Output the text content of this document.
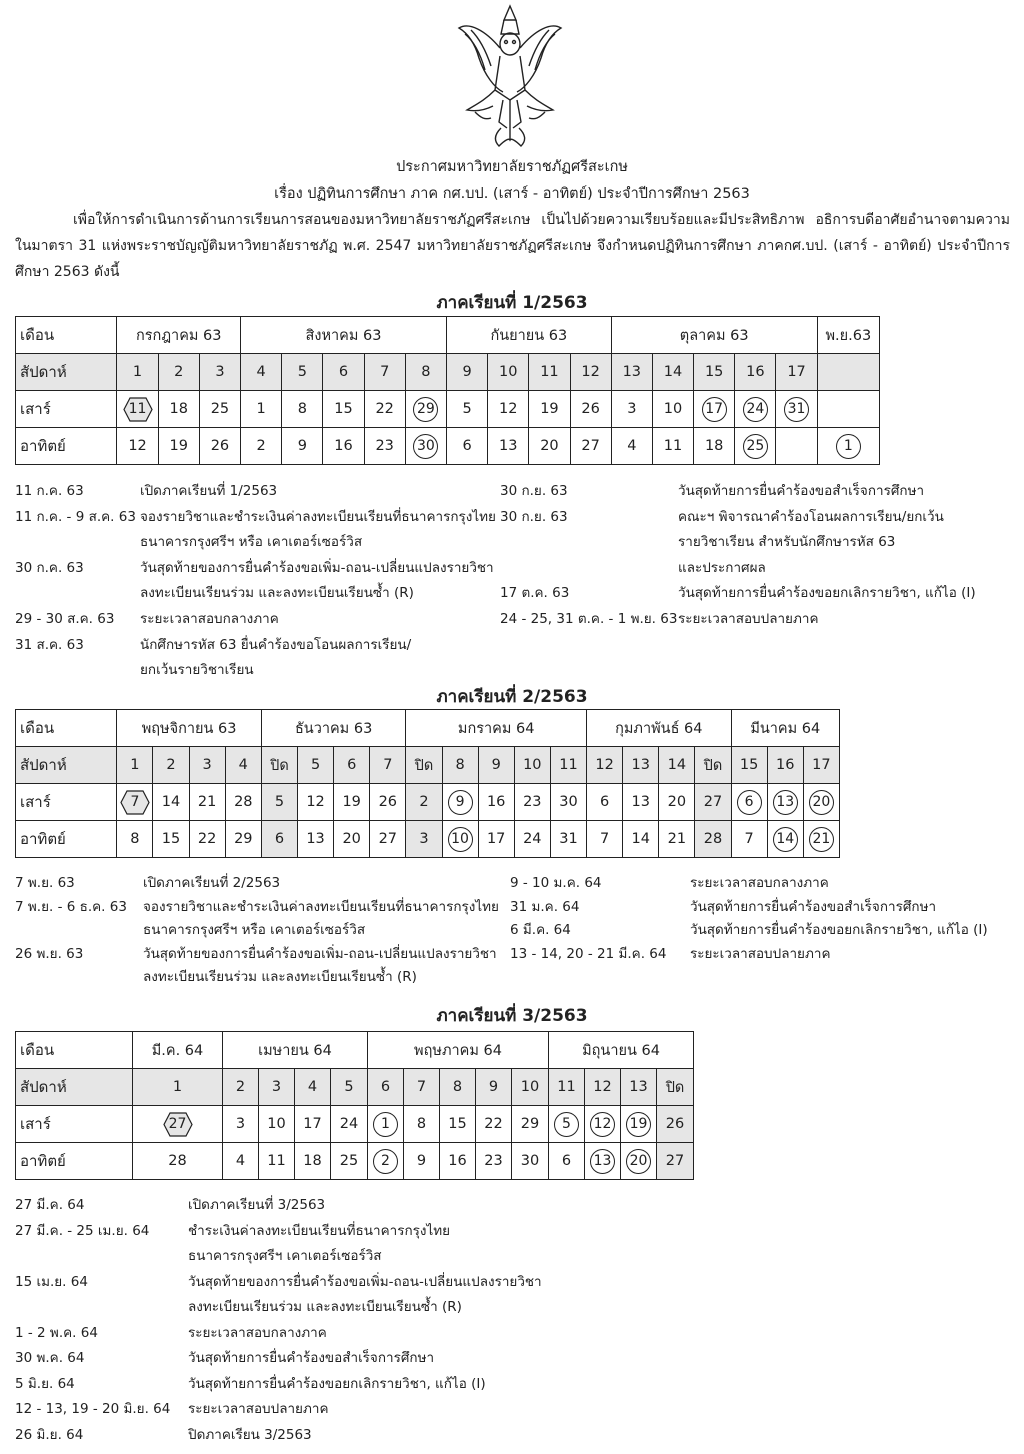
ประกาศมหาวิทยาลัยราชภัฏศรีสะเกษ
เรื่อง ปฏิทินการศึกษา ภาค กศ.บป. (เสาร์ - อาทิตย์) ประจำปีการศึกษา 2563
เพื่อให้การดำเนินการด้านการเรียนการสอนของมหาวิทยาลัยราชภัฏศรีสะเกษ เป็นไปด้วยความเรียบร้อยและมีประสิทธิภาพ อธิการบดีอาศัยอำนาจตามความในมาตรา 31 แห่งพระราชบัญญัติมหาวิทยาลัยราชภัฏ พ.ศ. 2547 มหาวิทยาลัยราชภัฏศรีสะเกษ จึงกำหนดปฏิทินการศึกษา ภาคกศ.บป. (เสาร์ - อาทิตย์) ประจำปีการศึกษา 2563 ดังนี้
ภาคเรียนที่ 1/2563
เดือน	กรกฎาคม 63			สิงหาคม 63					กันยายน 63				ตุลาคม 63					พ.ย.63
สัปดาห์	1	2	3	4	5	6	7	8	9	10	11	12	13	14	15	16	17	
เสาร์	11	18	25	1	8	15	22	29	5	12	19	26	3	10	17	24	31	
อาทิตย์	12	19	26	2	9	16	23	30	6	13	20	27	4	11	18	25		1
11 ก.ค. 63	เปิดภาคเรียนที่ 1/2563
11 ก.ค. - 9 ส.ค. 63 จองรายวิชาและชำระเงินค่าลงทะเบียนเรียนที่ธนาคารกรุงไทย
ธนาคารกรุงศรีฯ หรือ เคาเตอร์เซอร์วิส
30 ก.ค. 63	วันสุดท้ายของการยื่นคำร้องขอเพิ่ม-ถอน-เปลี่ยนแปลงรายวิชา
ลงทะเบียนเรียนร่วม และลงทะเบียนเรียนซ้ำ (R)
29 - 30 ส.ค. 63 ระยะเวลาสอบกลางภาค
31 ส.ค. 63	นักศึกษารหัส 63 ยื่นคำร้องขอโอนผลการเรียน/
ยกเว้นรายวิชาเรียน
30 ก.ย. 63	วันสุดท้ายการยื่นคำร้องขอสำเร็จการศึกษา
30 ก.ย. 63	คณะฯ พิจารณาคำร้องโอนผลการเรียน/ยกเว้น
รายวิชาเรียน สำหรับนักศึกษารหัส 63
และประกาศผล
17 ต.ค. 63	วันสุดท้ายการยื่นคำร้องขอยกเลิกรายวิชา, แก้ไอ (I)
24 - 25, 31 ต.ค. - 1 พ.ย. 63 ระยะเวลาสอบปลายภาค
ภาคเรียนที่ 2/2563
เดือน	พฤษจิกายน 63				ธันวาคม 63				มกราคม 64					กุมภาพันธ์ 64				มีนาคม 64		
สัปดาห์	1	2	3	4	ปิด	5	6	7	ปิด	8	9	10	11	12	13	14	ปิด	15	16	17
เสาร์	7	14	21	28	5	12	19	26	2	9	16	23	30	6	13	20	27	6	13	20
อาทิตย์	8	15	22	29	6	13	20	27	3	10	17	24	31	7	14	21	28	7	14	21
7 พ.ย. 63	เปิดภาคเรียนที่ 2/2563
7 พ.ย. - 6 ธ.ค. 63 จองรายวิชาและชำระเงินค่าลงทะเบียนเรียนที่ธนาคารกรุงไทย
ธนาคารกรุงศรีฯ หรือ เคาเตอร์เซอร์วิส
26 พ.ย. 63	วันสุดท้ายของการยื่นคำร้องขอเพิ่ม-ถอน-เปลี่ยนแปลงรายวิชา
ลงทะเบียนเรียนร่วม และลงทะเบียนเรียนซ้ำ (R)
9 - 10 ม.ค. 64	ระยะเวลาสอบกลางภาค
31 ม.ค. 64	วันสุดท้ายการยื่นคำร้องขอสำเร็จการศึกษา
6 มี.ค. 64	วันสุดท้ายการยื่นคำร้องขอยกเลิกรายวิชา, แก้ไอ (I)
13 - 14, 20 - 21 มี.ค. 64 ระยะเวลาสอบปลายภาค
ภาคเรียนที่ 3/2563
เดือน	มี.ค. 64	เมษายน 64				พฤษภาคม 64					มิถุนายน 64			
สัปดาห์	1	2	3	4	5	6	7	8	9	10	11	12	13	ปิด
เสาร์	27	3	10	17	24	1	8	15	22	29	5	12	19	26
อาทิตย์	28	4	11	18	25	2	9	16	23	30	6	13	20	27
27 มี.ค. 64	เปิดภาคเรียนที่ 3/2563
27 มี.ค. - 25 เม.ย. 64	ชำระเงินค่าลงทะเบียนเรียนที่ธนาคารกรุงไทย
ธนาคารกรุงศรีฯ เคาเตอร์เซอร์วิส
15 เม.ย. 64	วันสุดท้ายของการยื่นคำร้องขอเพิ่ม-ถอน-เปลี่ยนแปลงรายวิชา
ลงทะเบียนเรียนร่วม และลงทะเบียนเรียนซ้ำ (R)
1 - 2 พ.ค. 64	ระยะเวลาสอบกลางภาค
30 พ.ค. 64	วันสุดท้ายการยื่นคำร้องขอสำเร็จการศึกษา
5 มิ.ย. 64	วันสุดท้ายการยื่นคำร้องขอยกเลิกรายวิชา, แก้ไอ (I)
12 - 13, 19 - 20 มิ.ย. 64 ระยะเวลาสอบปลายภาค
26 มิ.ย. 64	ปิดภาคเรียน 3/2563
